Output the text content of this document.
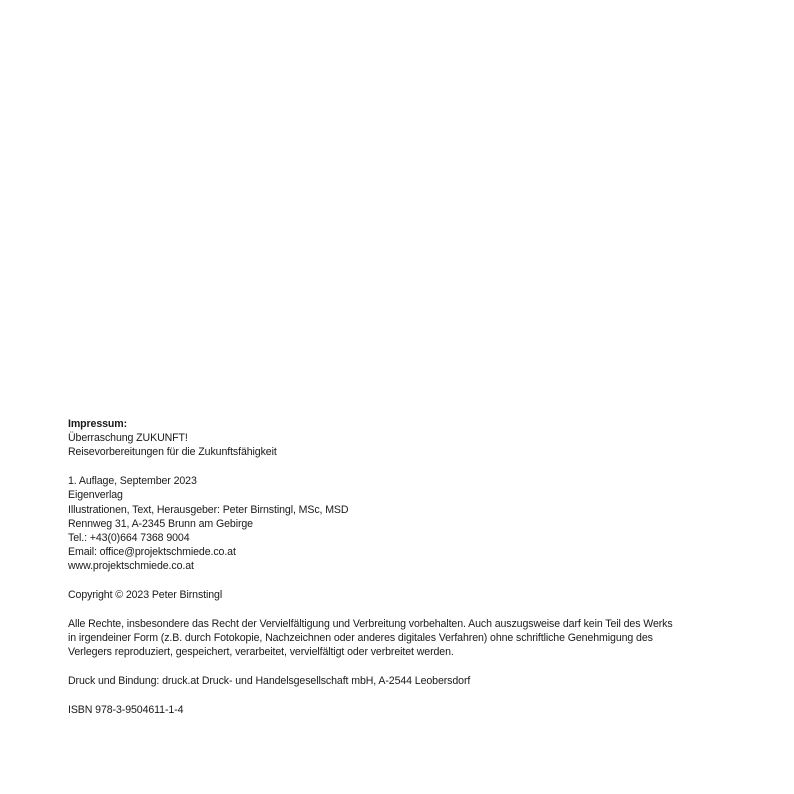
Impressum:
Überraschung ZUKUNFT!
Reisevorbereitungen für die Zukunftsfähigkeit
1. Auflage, September 2023
Eigenverlag
Illustrationen, Text, Herausgeber: Peter Birnstingl, MSc, MSD
Rennweg 31, A-2345 Brunn am Gebirge
Tel.: +43(0)664 7368 9004
Email: office@projektschmiede.co.at
www.projektschmiede.co.at
Copyright © 2023 Peter Birnstingl
Alle Rechte, insbesondere das Recht der Vervielfältigung und Verbreitung vorbehalten. Auch auszugsweise darf kein Teil des Werks
in irgendeiner Form (z.B. durch Fotokopie, Nachzeichnen oder anderes digitales Verfahren) ohne schriftliche Genehmigung des
Verlegers reproduziert, gespeichert, verarbeitet, vervielfältigt oder verbreitet werden.
Druck und Bindung: druck.at Druck- und Handelsgesellschaft mbH, A-2544 Leobersdorf
ISBN 978-3-9504611-1-4
